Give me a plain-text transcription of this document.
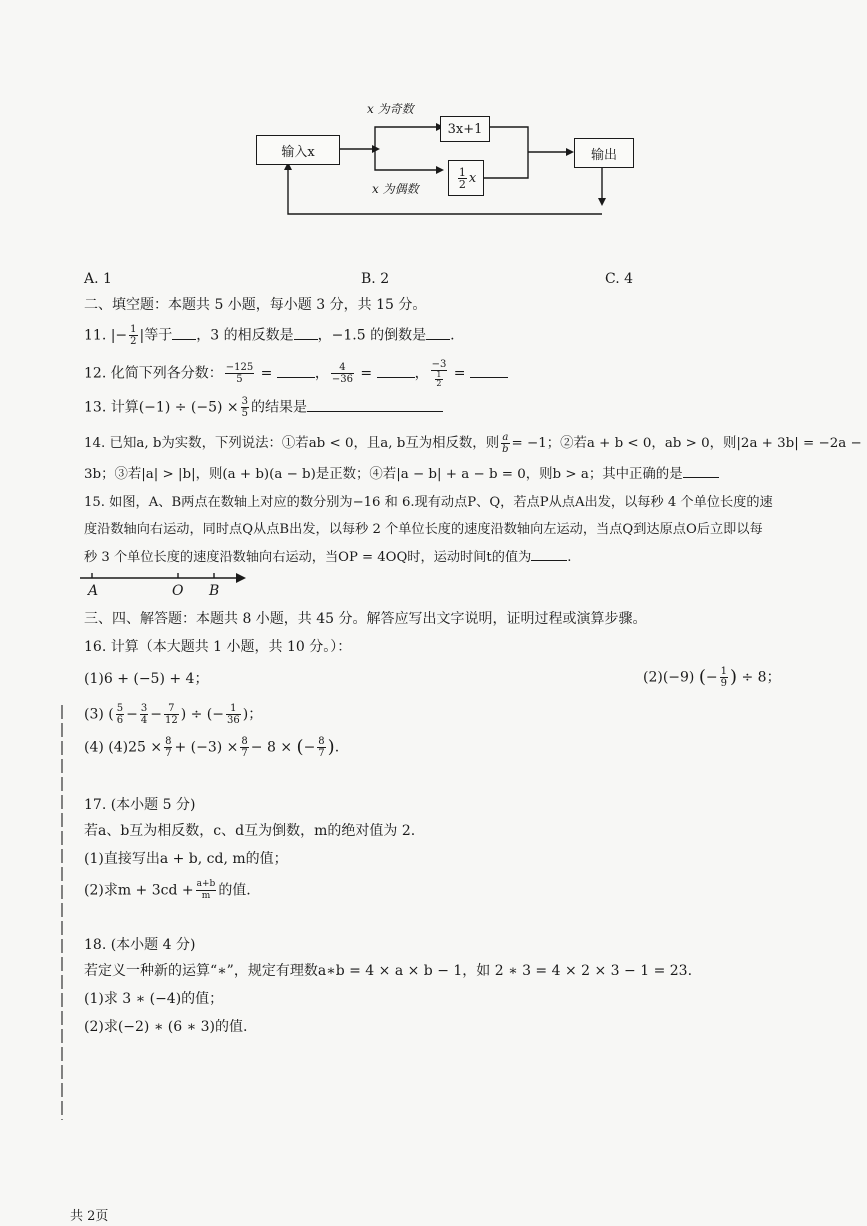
输入x
x 为奇数
3x+1
$\frac{1}{2}$ x
x 为偶数
输出
A. 1	B. 2	C. 4
二、填空题：本题共 5 小题，每小题 3 分，共 15 分。
11. |− $\frac{1}{2}$ |等于 ，3 的相反数是 ，−1.5 的倒数是 .
12. 化简下列各分数： $\frac{-125}{5}$ =	， $\frac{4}{-36}$ =	， $\frac{-3}{\frac{1}{2}}$ =
13. 计算$(-1) \div (-5) \times \frac{3}{5}$ 的结果是
14. 已知a, b为实数，下列说法：①若ab < 0，且a, b互为相反数，则 $\frac{a}{b} = -1$；②若a + b < 0，ab > 0，则|2a + 3b| = −2a −
3b；③若|a| > |b|，则(a + b)(a − b)是正数；④若|a − b| + a − b = 0，则b > a；其中正确的是
15. 如图，A、B两点在数轴上对应的数分别为−16 和 6.现有动点P、Q，若点P从点A出发，以每秒 4 个单位长度的速
度沿数轴向右运动，同时点Q从点B出发，以每秒 2 个单位长度的速度沿数轴向左运动，当点Q到达原点O后立即以每
秒 3 个单位长度的速度沿数轴向右运动，当OP = 4OQ时，运动时间t的值为	.
A	O B
三、四、解答题：本题共 8 小题，共 45 分。解答应写出文字说明，证明过程或演算步骤。
16. 计算（本大题共 1 小题，共 10 分。）：
(1)6 + (−5) + 4；	(2)(−9) (− $\frac{1}{9}$ ) ÷ 8；
(3) ( $\frac{5}{6} - \frac{3}{4} - \frac{7}{12}$ ) ÷ (− $\frac{1}{36}$ )；
(4) $(4)25 \times \frac{8}{7} + (-3) \times \frac{8}{7} - 8$ × (− $\frac{8}{7}$ ).
17. (本小题 5 分)
若a、b互为相反数，c、d互为倒数，m的绝对值为 2.
(1)直接写出a + b, cd, m的值；
(2)求$m + 3cd + \frac{a+b}{m}$ 的值.
18. (本小题 4 分)
若定义一种新的运算“∗”，规定有理数a∗b = 4 × a × b − 1，如 2 ∗ 3 = 4 × 2 × 3 − 1 = 23.
(1)求 3 ∗ (−4)的值；
(2)求(−2) ∗ (6 ∗ 3)的值.
共 2页
